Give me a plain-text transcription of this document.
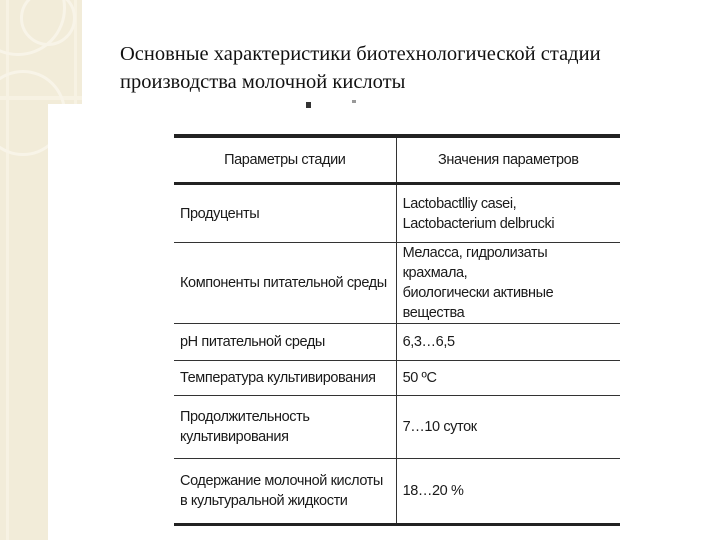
Основные характеристики биотехнологической стадии
производства молочной кислоты
Параметры стадии	Значения параметров

Продуценты	Lactobactllіy casei,
Lactobacterium delbrucki

Компоненты питательной среды	Меласса, гидролизаты крахмала,
биологически активные вещества

pH питательной среды	6,3…6,5

Температура культивирования	50 ºС

Продолжительность
культивирования	7…10 суток

Содержание молочной кислоты
в культуральной жидкости	18…20 %
